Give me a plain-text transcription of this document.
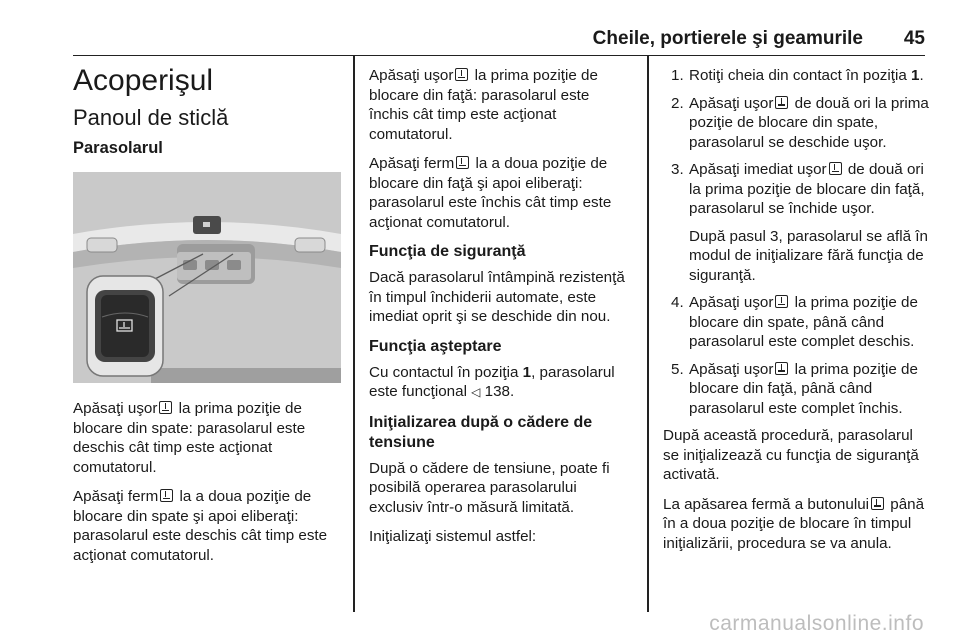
Cheile, portierele şi geamurile 45
Acoperişul
Panoul de sticlă
Parasolarul

Apăsaţi uşor la prima poziţie de blocare din spate: parasolarul este deschis cât timp este acţionat comutatorul.

Apăsaţi ferm la a doua poziţie de blocare din spate şi apoi eliberaţi: parasolarul este deschis cât timp este acţionat comutatorul.

Apăsaţi uşor la prima poziţie de blocare din faţă: parasolarul este închis cât timp este acţionat comutatorul.

Apăsaţi ferm la a doua poziţie de blocare din faţă şi apoi eliberaţi: parasolarul este închis cât timp este acţionat comutatorul.

Funcţia de siguranţă

Dacă parasolarul întâmpină rezistenţă în timpul închiderii automate, este imediat oprit şi se deschide din nou.

Funcţia aşteptare

Cu contactul în poziţia 1, parasolarul este funcţional ◁ 138.

Iniţializarea după o cădere de tensiune

După o cădere de tensiune, poate fi posibilă operarea parasolarului exclusiv într-o măsură limitată.

Iniţializaţi sistemul astfel:

1. Rotiţi cheia din contact în poziţia 1.
2. Apăsaţi uşor de două ori la prima poziţie de blocare din spate, parasolarul se deschide uşor.
3. Apăsaţi imediat uşor de două ori la prima poziţie de blocare din faţă, parasolarul se închide uşor.
După pasul 3, parasolarul se află în modul de iniţializare fără funcţia de siguranţă.
4. Apăsaţi uşor la prima poziţie de blocare din spate, până când parasolarul este complet deschis.
5. Apăsaţi uşor la prima poziţie de blocare din faţă, până când parasolarul este complet închis.

După această procedură, parasolarul se iniţializează cu funcţia de siguranţă activată.

La apăsarea fermă a butonului până în a doua poziţie de blocare în timpul iniţializării, procedura se va anula.

carmanualsonline.info
